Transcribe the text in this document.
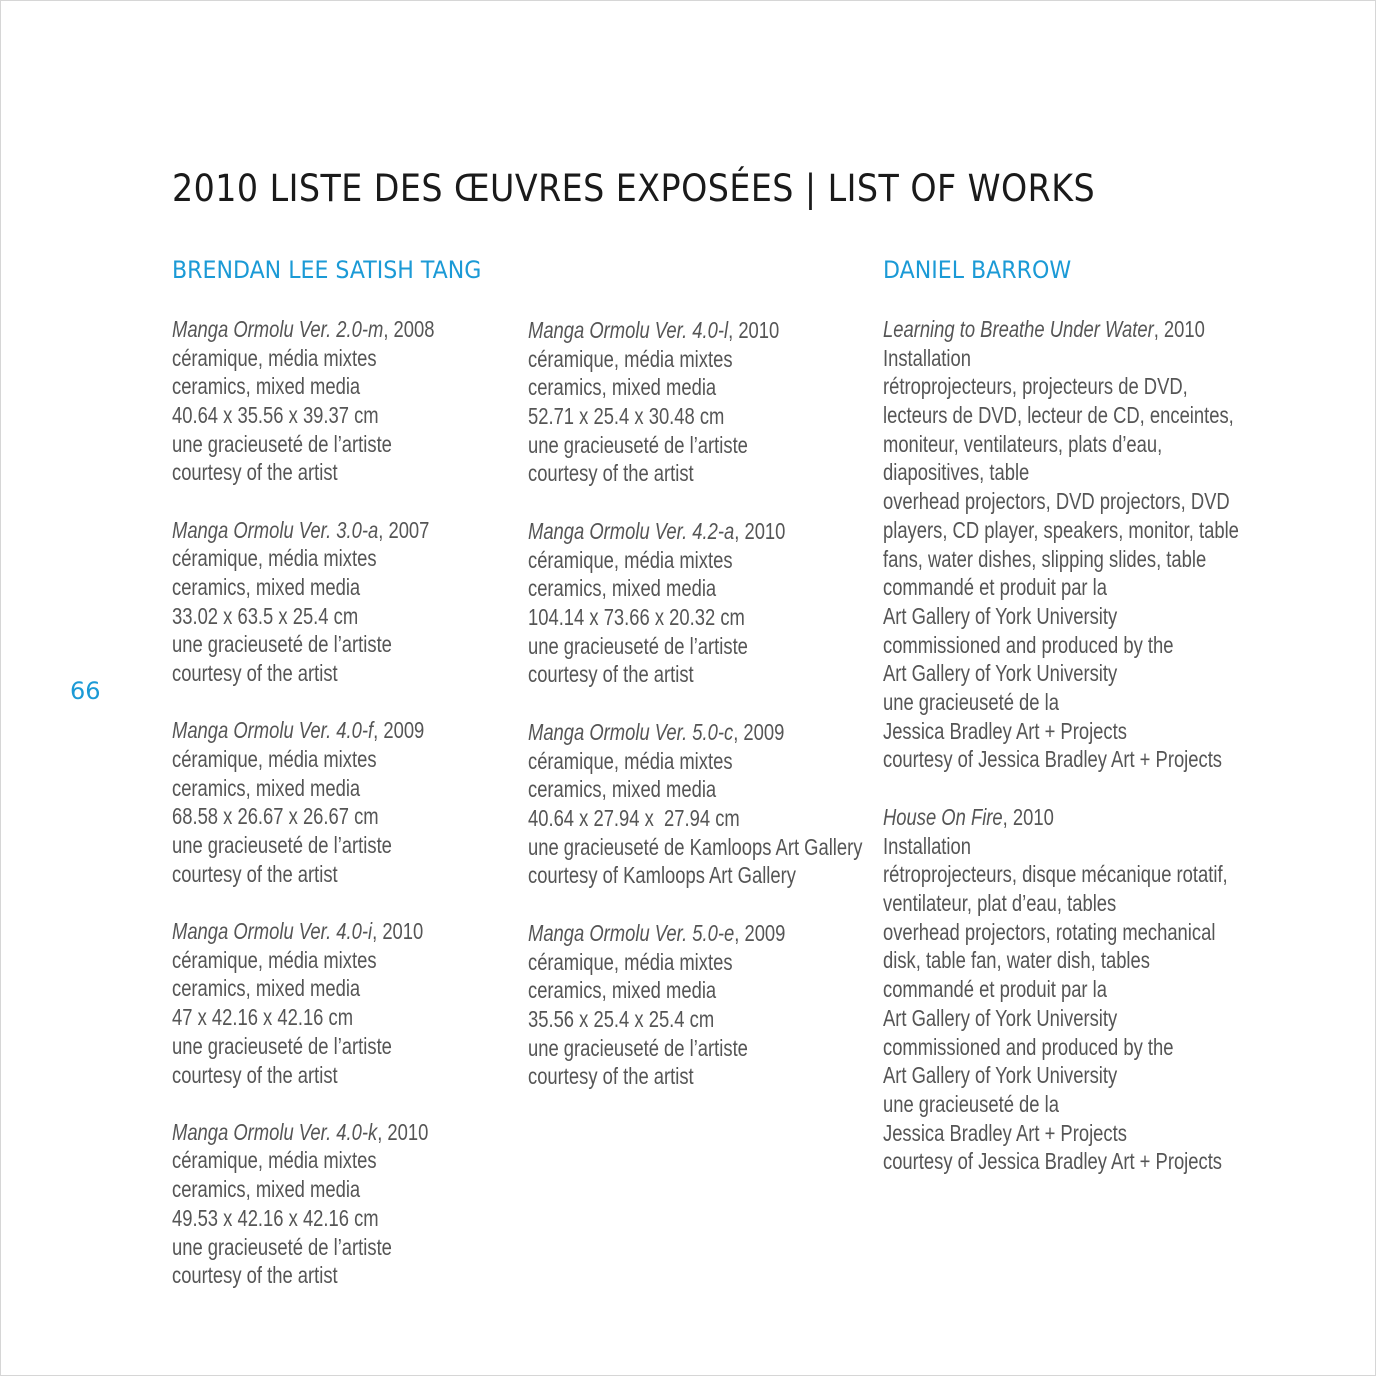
2010 LISTE DES ŒUVRES EXPOSÉES | LIST OF WORKS
BRENDAN LEE SATISH TANG	DANIEL BARROW
66
Manga Ormolu Ver. 2.0-m, 2008
céramique, média mixtes
ceramics, mixed media
40.64 x 35.56 x 39.37 cm
une gracieuseté de l’artiste
courtesy of the artist
Manga Ormolu Ver. 3.0-a, 2007
céramique, média mixtes
ceramics, mixed media
33.02 x 63.5 x 25.4 cm
une gracieuseté de l’artiste
courtesy of the artist
Manga Ormolu Ver. 4.0-f, 2009
céramique, média mixtes
ceramics, mixed media
68.58 x 26.67 x 26.67 cm
une gracieuseté de l’artiste
courtesy of the artist
Manga Ormolu Ver. 4.0-i, 2010
céramique, média mixtes
ceramics, mixed media
47 x 42.16 x 42.16 cm
une gracieuseté de l’artiste
courtesy of the artist
Manga Ormolu Ver. 4.0-k, 2010
céramique, média mixtes
ceramics, mixed media
49.53 x 42.16 x 42.16 cm
une gracieuseté de l’artiste
courtesy of the artist
Manga Ormolu Ver. 4.0-l, 2010
céramique, média mixtes
ceramics, mixed media
52.71 x 25.4 x 30.48 cm
une gracieuseté de l’artiste
courtesy of the artist
Manga Ormolu Ver. 4.2-a, 2010
céramique, média mixtes
ceramics, mixed media
104.14 x 73.66 x 20.32 cm
une gracieuseté de l’artiste
courtesy of the artist
Manga Ormolu Ver. 5.0-c, 2009
céramique, média mixtes
ceramics, mixed media
40.64 x 27.94 x  27.94 cm
une gracieuseté de Kamloops Art Gallery
courtesy of Kamloops Art Gallery
Manga Ormolu Ver. 5.0-e, 2009
céramique, média mixtes
ceramics, mixed media
35.56 x 25.4 x 25.4 cm
une gracieuseté de l’artiste
courtesy of the artist
Learning to Breathe Under Water, 2010
Installation
rétroprojecteurs, projecteurs de DVD,
lecteurs de DVD, lecteur de CD, enceintes,
moniteur, ventilateurs, plats d’eau,
diapositives, table
overhead projectors, DVD projectors, DVD
players, CD player, speakers, monitor, table
fans, water dishes, slipping slides, table
commandé et produit par la
Art Gallery of York University
commissioned and produced by the
Art Gallery of York University
une gracieuseté de la
Jessica Bradley Art + Projects
courtesy of Jessica Bradley Art + Projects
House On Fire, 2010
Installation
rétroprojecteurs, disque mécanique rotatif,
ventilateur, plat d’eau, tables
overhead projectors, rotating mechanical
disk, table fan, water dish, tables
commandé et produit par la
Art Gallery of York University
commissioned and produced by the
Art Gallery of York University
une gracieuseté de la
Jessica Bradley Art + Projects
courtesy of Jessica Bradley Art + Projects
